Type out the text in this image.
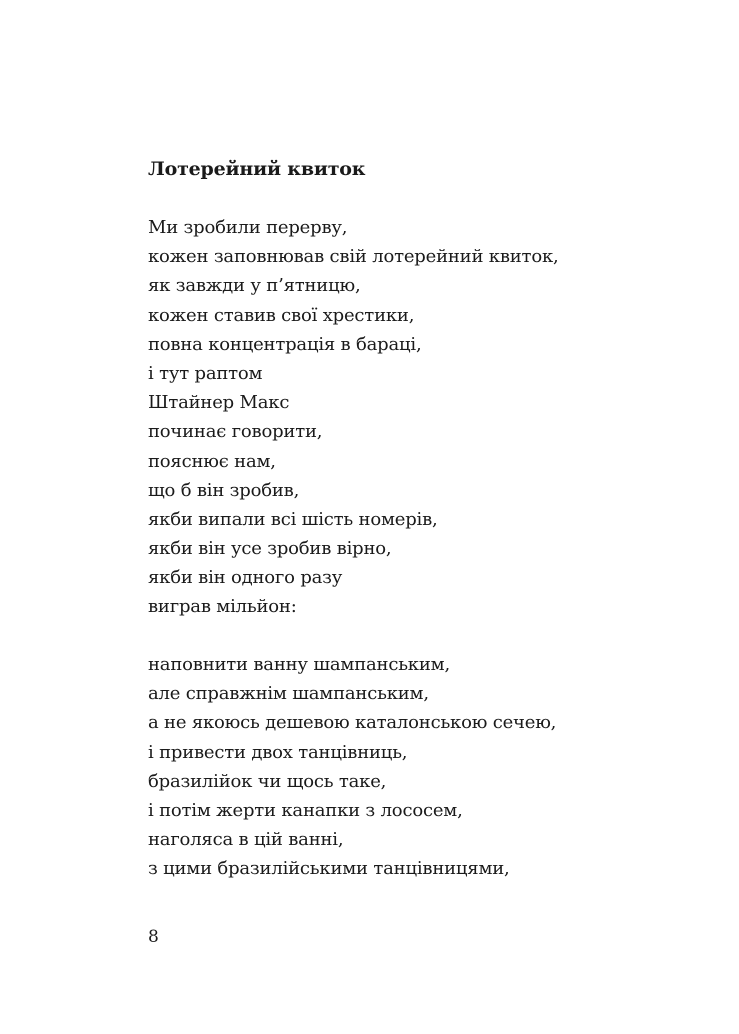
Лотерейний квиток
Ми зробили перерву,
кожен заповнював свій лотерейний квиток,
як завжди у п’ятницю,
кожен ставив свої хрестики,
повна концентрація в бараці,
і тут раптом
Штайнер Макс
починає говорити,
пояснює нам,
що б він зробив,
якби випали всі шість номерів,
якби він усе зробив вірно,
якби він одного разу
виграв мільйон:
наповнити ванну шампанським,
але справжнім шампанським,
а не якоюсь дешевою каталонською сечею,
і привести двох танцівниць,
бразилійок чи щось таке,
і потім жерти канапки з лососем,
наголяса в цій ванні,
з цими бразилійськими танцівницями,
8
